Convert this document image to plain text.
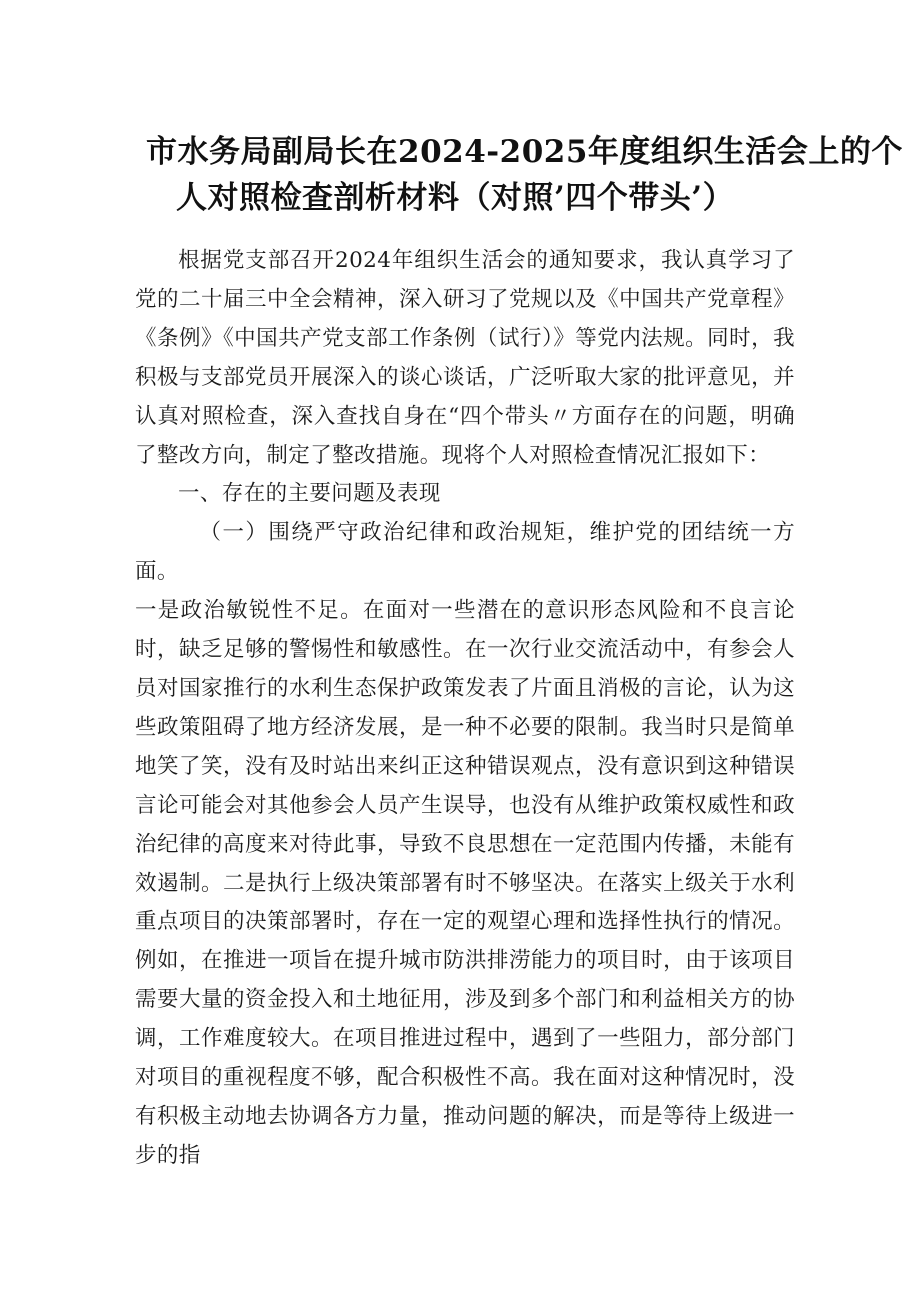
市水务局副局长在2024-2025年度组织生活会上的个
人对照检查剖析材料（对照’四个带头’）

根据党支部召开2024年组织生活会的通知要求，我认真学习了党的二十届三中全会精神，深入研习了党规以及《中国共产党章程》《条例》《中国共产党支部工作条例（试行）》等党内法规。同时，我积极与支部党员开展深入的谈心谈话，广泛听取大家的批评意见，并认真对照检查，深入查找自身在“四个带头〃方面存在的问题，明确了整改方向，制定了整改措施。现将个人对照检查情况汇报如下：

一、存在的主要问题及表现

（一）围绕严守政治纪律和政治规矩，维护党的团结统一方面。

一是政治敏锐性不足。在面对一些潜在的意识形态风险和不良言论时，缺乏足够的警惕性和敏感性。在一次行业交流活动中，有参会人员对国家推行的水利生态保护政策发表了片面且消极的言论，认为这些政策阻碍了地方经济发展，是一种不必要的限制。我当时只是简单地笑了笑，没有及时站出来纠正这种错误观点，没有意识到这种错误言论可能会对其他参会人员产生误导，也没有从维护政策权威性和政治纪律的高度来对待此事，导致不良思想在一定范围内传播，未能有效遏制。二是执行上级决策部署有时不够坚决。在落实上级关于水利重点项目的决策部署时，存在一定的观望心理和选择性执行的情况。例如，在推进一项旨在提升城市防洪排涝能力的项目时，由于该项目需要大量的资金投入和土地征用，涉及到多个部门和利益相关方的协调，工作难度较大。在项目推进过程中，遇到了一些阻力，部分部门对项目的重视程度不够，配合积极性不高。我在面对这种情况时，没有积极主动地去协调各方力量，推动问题的解决，而是等待上级进一步的指
